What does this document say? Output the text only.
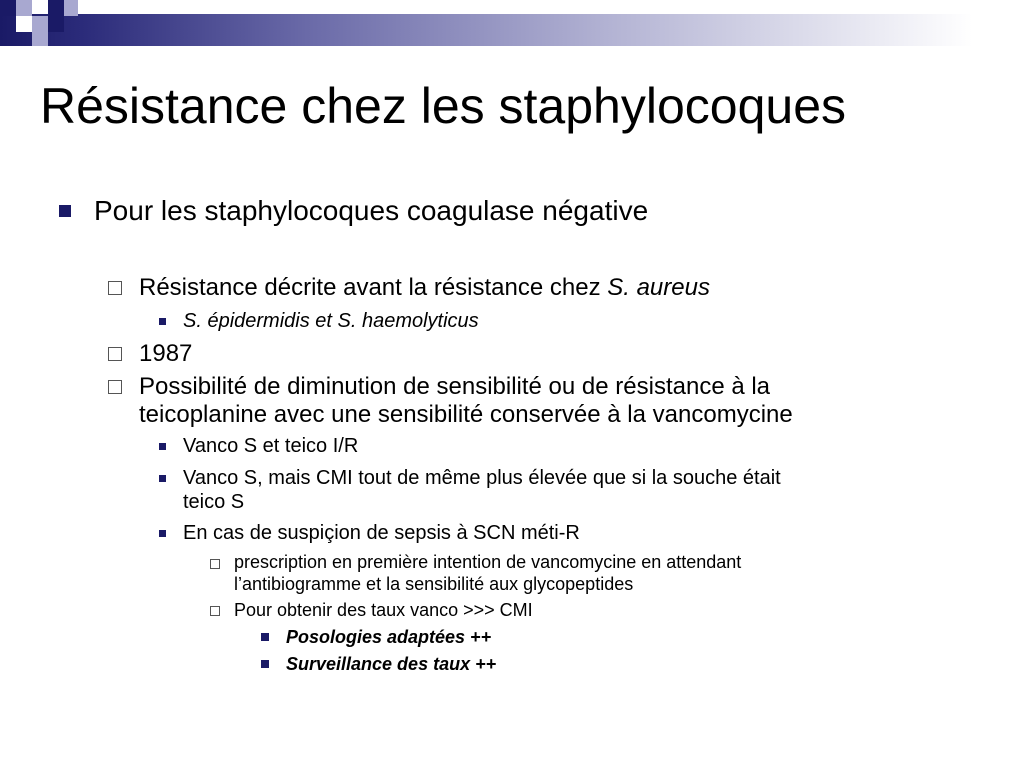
Résistance chez les staphylocoques
Pour les staphylocoques coagulase négative
Résistance décrite avant la résistance chez S. aureus
S. épidermidis et S. haemolyticus
1987
Possibilité de diminution de sensibilité ou de résistance à la
teicoplanine avec une sensibilité conservée à la vancomycine
Vanco S et teico I/R
Vanco S, mais CMI tout de même plus élevée que si la souche était
teico S
En cas de suspiçion de sepsis à SCN méti-R
prescription en première intention de vancomycine en attendant
l’antibiogramme et la sensibilité aux glycopeptides
Pour obtenir des taux vanco >>> CMI
Posologies adaptées ++
Surveillance des taux ++
